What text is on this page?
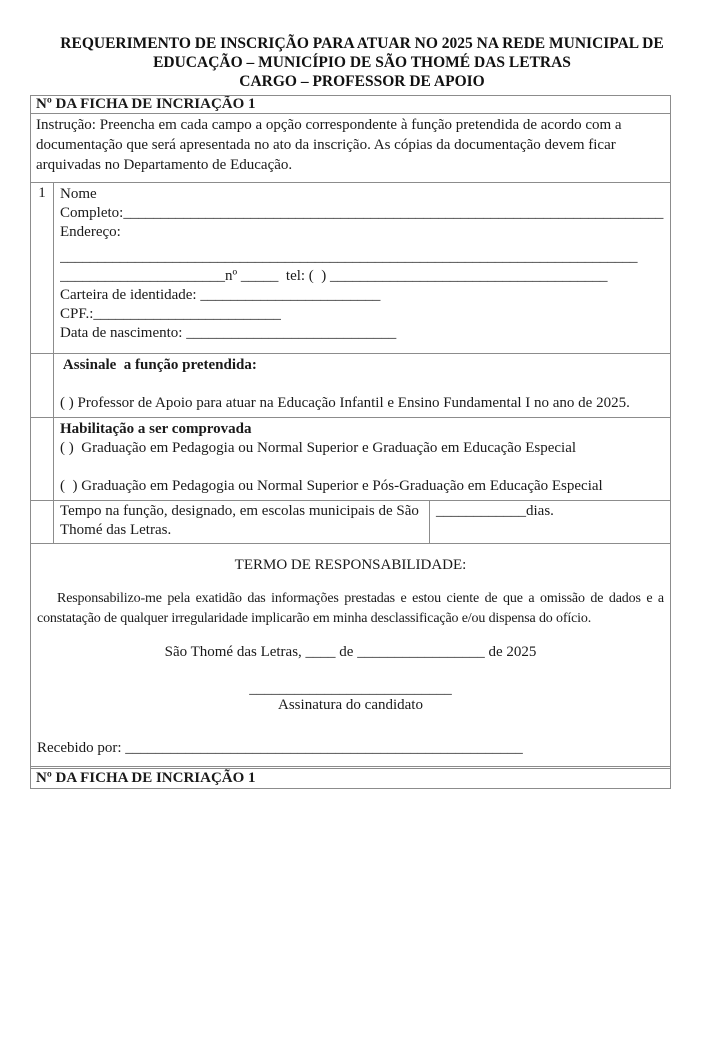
REQUERIMENTO DE INSCRIÇÃO PARA ATUAR NO 2025 NA REDE MUNICIPAL DE
EDUCAÇÃO – MUNICÍPIO DE SÃO THOMÉ DAS LETRAS
CARGO – PROFESSOR DE APOIO
Nº DA FICHA DE INCRIAÇÃO 1
Instrução: Preencha em cada campo a opção correspondente à função pretendida de acordo com a documentação que será apresentada no ato da inscrição. As cópias da documentação devem ficar arquivadas no Departamento de Educação.
1 Nome
Completo:________________________________________________________________________
Endereço:
_____________________________________________________________________________
______________________nº _____  tel: (  ) _____________________________________
Carteira de identidade: ________________________
CPF.:_________________________
Data de nascimento: ____________________________
Assinale  a função pretendida:
( ) Professor de Apoio para atuar na Educação Infantil e Ensino Fundamental I no ano de 2025.
Habilitação a ser comprovada
( )  Graduação em Pedagogia ou Normal Superior e Graduação em Educação Especial
(  ) Graduação em Pedagogia ou Normal Superior e Pós-Graduação em Educação Especial
Tempo na função, designado, em escolas municipais de São Thomé das Letras.
____________dias.
TERMO DE RESPONSABILIDADE:
Responsabilizo-me pela exatidão das informações prestadas e estou ciente de que a omissão de dados e a constatação de qualquer irregularidade implicarão em minha desclassificação e/ou dispensa do ofício.
São Thomé das Letras, ____ de _________________ de 2025
___________________________
Assinatura do candidato
Recebido por: _____________________________________________________
Nº DA FICHA DE INCRIAÇÃO 1
